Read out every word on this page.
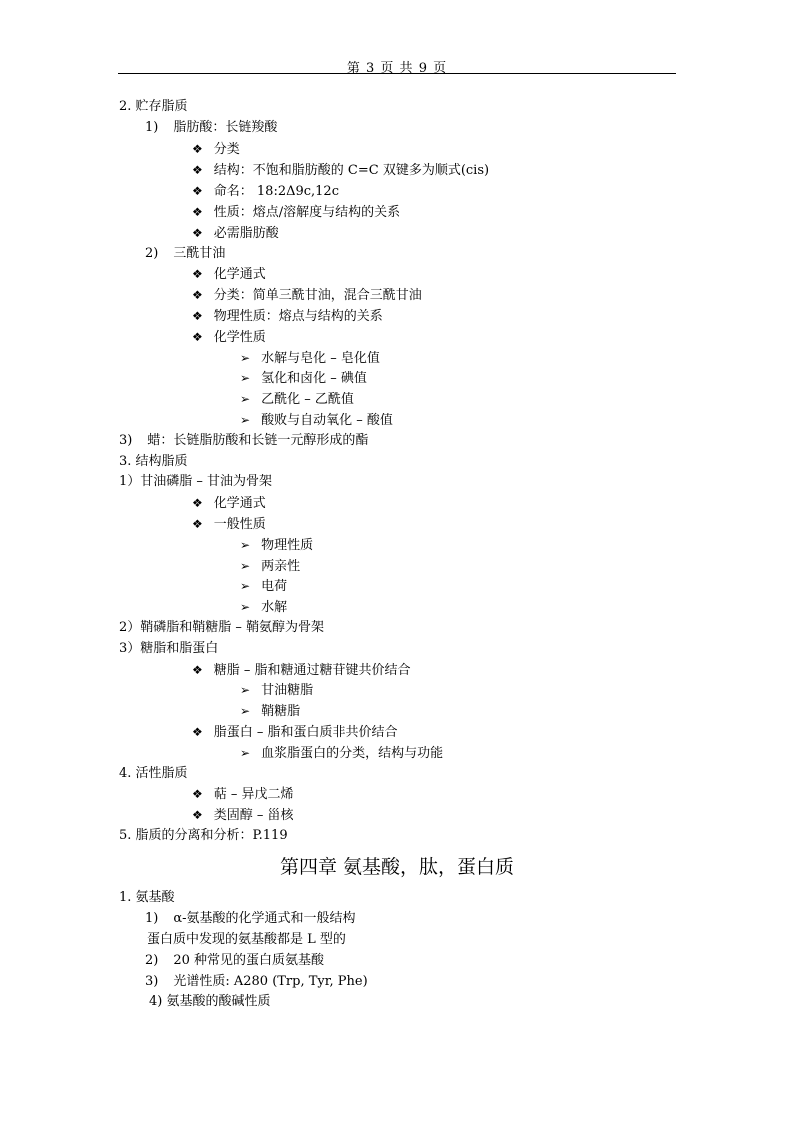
第 3 页 共 9 页
2. 贮存脂质
1) 脂肪酸：长链羧酸
❖ 分类
❖ 结构：不饱和脂肪酸的 C=C 双键多为顺式(cis)
❖ 命名： 18:2Δ9c,12c
❖ 性质：熔点/溶解度与结构的关系
❖ 必需脂肪酸
2) 三酰甘油
❖ 化学通式
❖ 分类：简单三酰甘油，混合三酰甘油
❖ 物理性质：熔点与结构的关系
❖ 化学性质
➢ 水解与皂化 – 皂化值
➢ 氢化和卤化 – 碘值
➢ 乙酰化 – 乙酰值
➢ 酸败与自动氧化 – 酸值
3) 蜡：长链脂肪酸和长链一元醇形成的酯
3. 结构脂质
1）甘油磷脂 – 甘油为骨架
❖ 化学通式
❖ 一般性质
➢ 物理性质
➢ 两亲性
➢ 电荷
➢ 水解
2）鞘磷脂和鞘糖脂 – 鞘氨醇为骨架
3）糖脂和脂蛋白
❖ 糖脂 – 脂和糖通过糖苷键共价结合
➢ 甘油糖脂
➢ 鞘糖脂
❖ 脂蛋白 – 脂和蛋白质非共价结合
➢ 血浆脂蛋白的分类，结构与功能
4. 活性脂质
❖ 萜 – 异戊二烯
❖ 类固醇 – 甾核
5. 脂质的分离和分析：P.119
第四章 氨基酸，肽，蛋白质
1. 氨基酸
1) α-氨基酸的化学通式和一般结构
蛋白质中发现的氨基酸都是 L 型的
2) 20 种常见的蛋白质氨基酸
3) 光谱性质: A280 (Trp, Tyr, Phe)
4) 氨基酸的酸碱性质
